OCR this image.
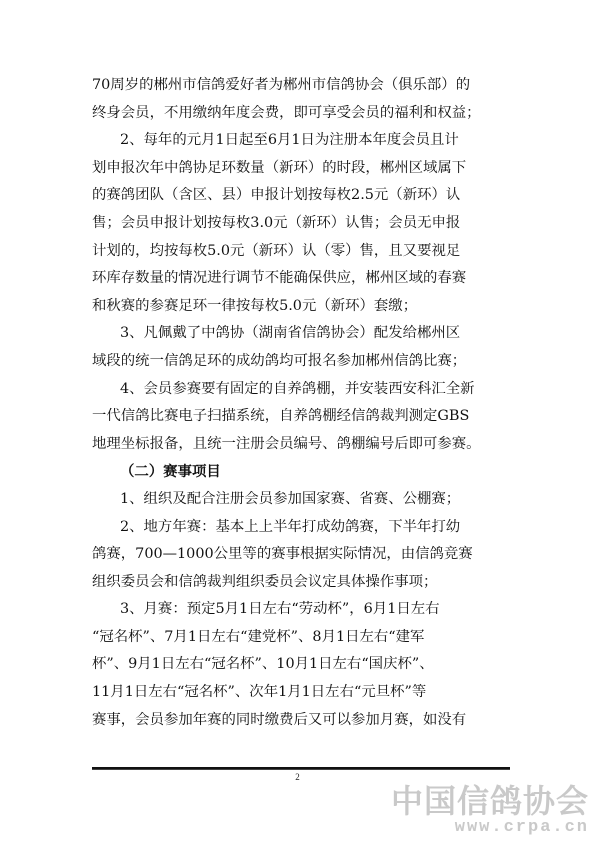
70周岁的郴州市信鸽爱好者为郴州市信鸽协会（俱乐部）的
终身会员，不用缴纳年度会费，即可享受会员的福利和权益；
2、每年的元月1日起至6月1日为注册本年度会员且计
划申报次年中鸽协足环数量（新环）的时段，郴州区域属下
的赛鸽团队（含区、县）申报计划按每枚2.5元（新环）认
售；会员申报计划按每枚3.0元（新环）认售；会员无申报
计划的，均按每枚5.0元（新环）认（零）售，且又要视足
环库存数量的情况进行调节不能确保供应，郴州区域的春赛
和秋赛的参赛足环一律按每枚5.0元（新环）套缴；
3、凡佩戴了中鸽协（湖南省信鸽协会）配发给郴州区
域段的统一信鸽足环的成幼鸽均可报名参加郴州信鸽比赛；
4、会员参赛要有固定的自养鸽棚，并安装西安科汇全新
一代信鸽比赛电子扫描系统，自养鸽棚经信鸽裁判测定GBS
地理坐标报备，且统一注册会员编号、鸽棚编号后即可参赛。
（二）赛事项目
1、组织及配合注册会员参加国家赛、省赛、公棚赛；
2、地方年赛：基本上上半年打成幼鸽赛，下半年打幼
鸽赛，700—1000公里等的赛事根据实际情况，由信鸽竞赛
组织委员会和信鸽裁判组织委员会议定具体操作事项；
3、月赛：预定5月1日左右“劳动杯”，6月1日左右
“冠名杯”、7月1日左右“建党杯”、8月1日左右“建军
杯”、9月1日左右“冠名杯”、10月1日左右“国庆杯”、
11月1日左右“冠名杯”、次年1月1日左右“元旦杯”等
赛事，会员参加年赛的同时缴费后又可以参加月赛，如没有
2
中国信鸽协会
www.crpa.cn
